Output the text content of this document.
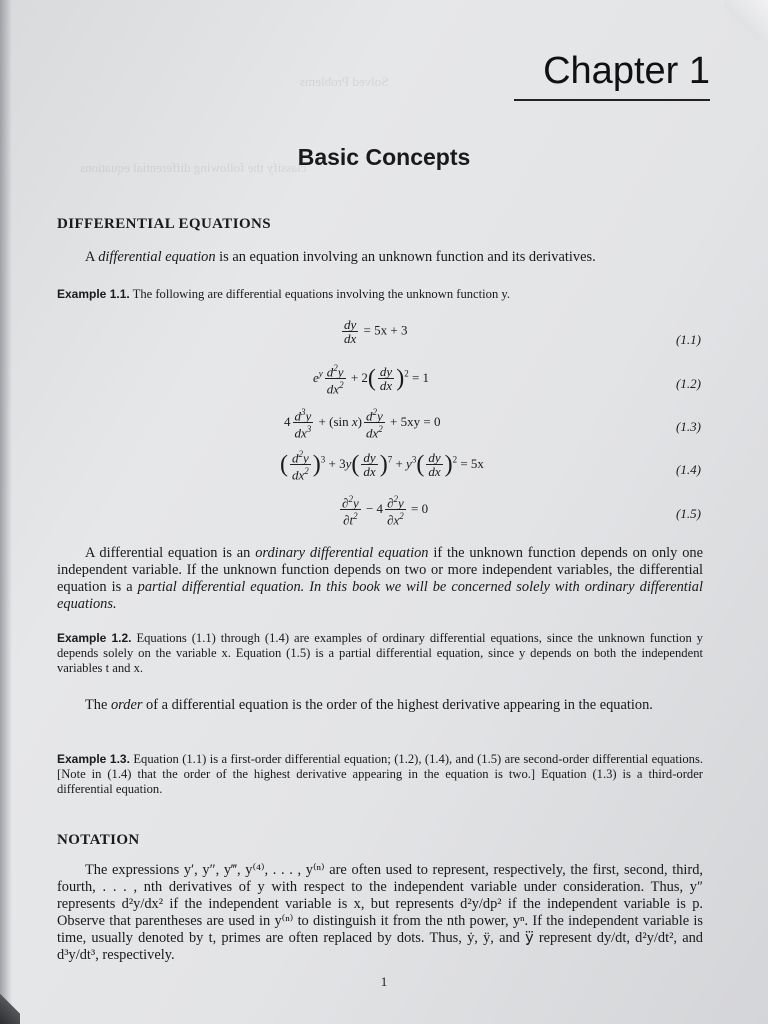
Solved Problems
classify the following differential equations
Chapter 1
Basic Concepts
DIFFERENTIAL EQUATIONS

A differential equation is an equation involving an unknown function and its derivatives.

Example 1.1. The following are differential equations involving the unknown function y.

$\frac{dy}{dx} = 5x + 3$
(1.1)
$e^y \frac{d^2y}{dx^2} + 2( \frac{dy}{dx} )^2 = 1$	(1.2)
$4 \frac{d^3y}{dx^3} + (\sin$ $x) \frac{d^2y}{dx^2} + 5xy = 0$	(1.3)
( $\frac{d^2y}{dx^2} )^3 + 3y( \frac{dy}{dx} )^7 + y^3( \frac{dy}{dx} )^2 = 5x$	(1.4)
$\frac{\partial^2y}{\partial t^2} - 4 \frac{\partial^2y}{\partial x^2} = 0$	(1.5)

A differential equation is an ordinary differential equation if the unknown function depends on only one independent variable. If the unknown function depends on two or more independent variables, the differential equation is a partial differential equation. In this book we will be concerned solely with ordinary differential equations.

Example 1.2. Equations (1.1) through (1.4) are examples of ordinary differential equations, since the unknown function y depends solely on the variable x. Equation (1.5) is a partial differential equation, since y depends on both the independent variables t and x.

The order of a differential equation is the order of the highest derivative appearing in the equation.

Example 1.3. Equation (1.1) is a first-order differential equation; (1.2), (1.4), and (1.5) are second-order differential equations. [Note in (1.4) that the order of the highest derivative appearing in the equation is two.] Equation (1.3) is a third-order differential equation.

NOTATION

The expressions y′, y″, y‴, y⁽⁴⁾, . . . , y⁽ⁿ⁾ are often used to represent, respectively, the first, second, third, fourth, . . . , nth derivatives of y with respect to the independent variable under consideration. Thus, y″ represents d²y/dx² if the independent variable is x, but represents d²y/dp² if the independent variable is p. Observe that parentheses are used in y⁽ⁿ⁾ to distinguish it from the nth power, yⁿ. If the independent variable is time, usually denoted by t, primes are often replaced by dots. Thus, ẏ, ÿ, and y⃛ represent dy/dt, d²y/dt², and d³y/dt³, respectively.

1
